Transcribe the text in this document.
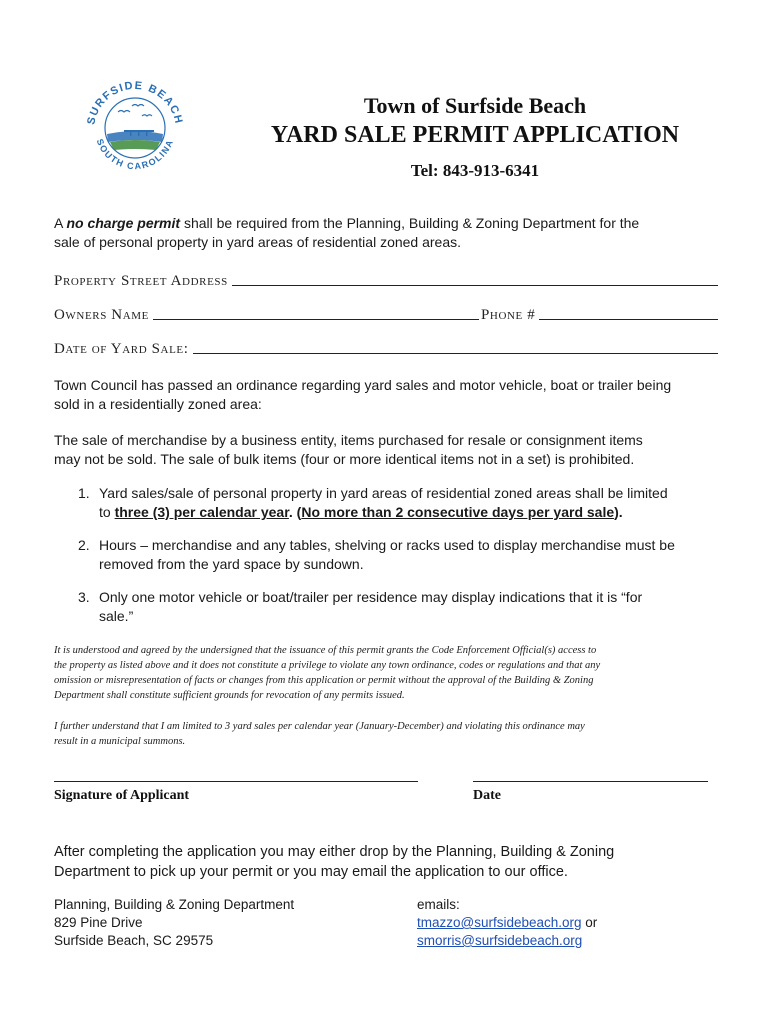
SURFSIDE BEACH
SOUTH CAROLINA
Town of Surfside Beach
YARD SALE PERMIT APPLICATION
Tel: 843-913-6341
A no charge permit shall be required from the Planning, Building & Zoning Department for the
sale of personal property in yard areas of residential zoned areas.
Property Street Address
Owners Name	Phone #
Date of Yard Sale:
Town Council has passed an ordinance regarding yard sales and motor vehicle, boat or trailer being
sold in a residentially zoned area:
The sale of merchandise by a business entity, items purchased for resale or consignment items
may not be sold. The sale of bulk items (four or more identical items not in a set) is prohibited.
1. Yard sales/sale of personal property in yard areas of residential zoned areas shall be limited
to three (3) per calendar year. (No more than 2 consecutive days per yard sale).
2. Hours – merchandise and any tables, shelving or racks used to display merchandise must be
removed from the yard space by sundown.
3. Only one motor vehicle or boat/trailer per residence may display indications that it is “for
sale.”
It is understood and agreed by the undersigned that the issuance of this permit grants the Code Enforcement Official(s) access to
the property as listed above and it does not constitute a privilege to violate any town ordinance, codes or regulations and that any
omission or misrepresentation of facts or changes from this application or permit without the approval of the Building & Zoning
Department shall constitute sufficient grounds for revocation of any permits issued.
I further understand that I am limited to 3 yard sales per calendar year (January-December) and violating this ordinance may
result in a municipal summons.
Signature of Applicant	Date
After completing the application you may either drop by the Planning, Building & Zoning
Department to pick up your permit or you may email the application to our office.
Planning, Building & Zoning Department
829 Pine Drive
Surfside Beach, SC 29575
emails:
tmazzo@surfsidebeach.org or
smorris@surfsidebeach.org
